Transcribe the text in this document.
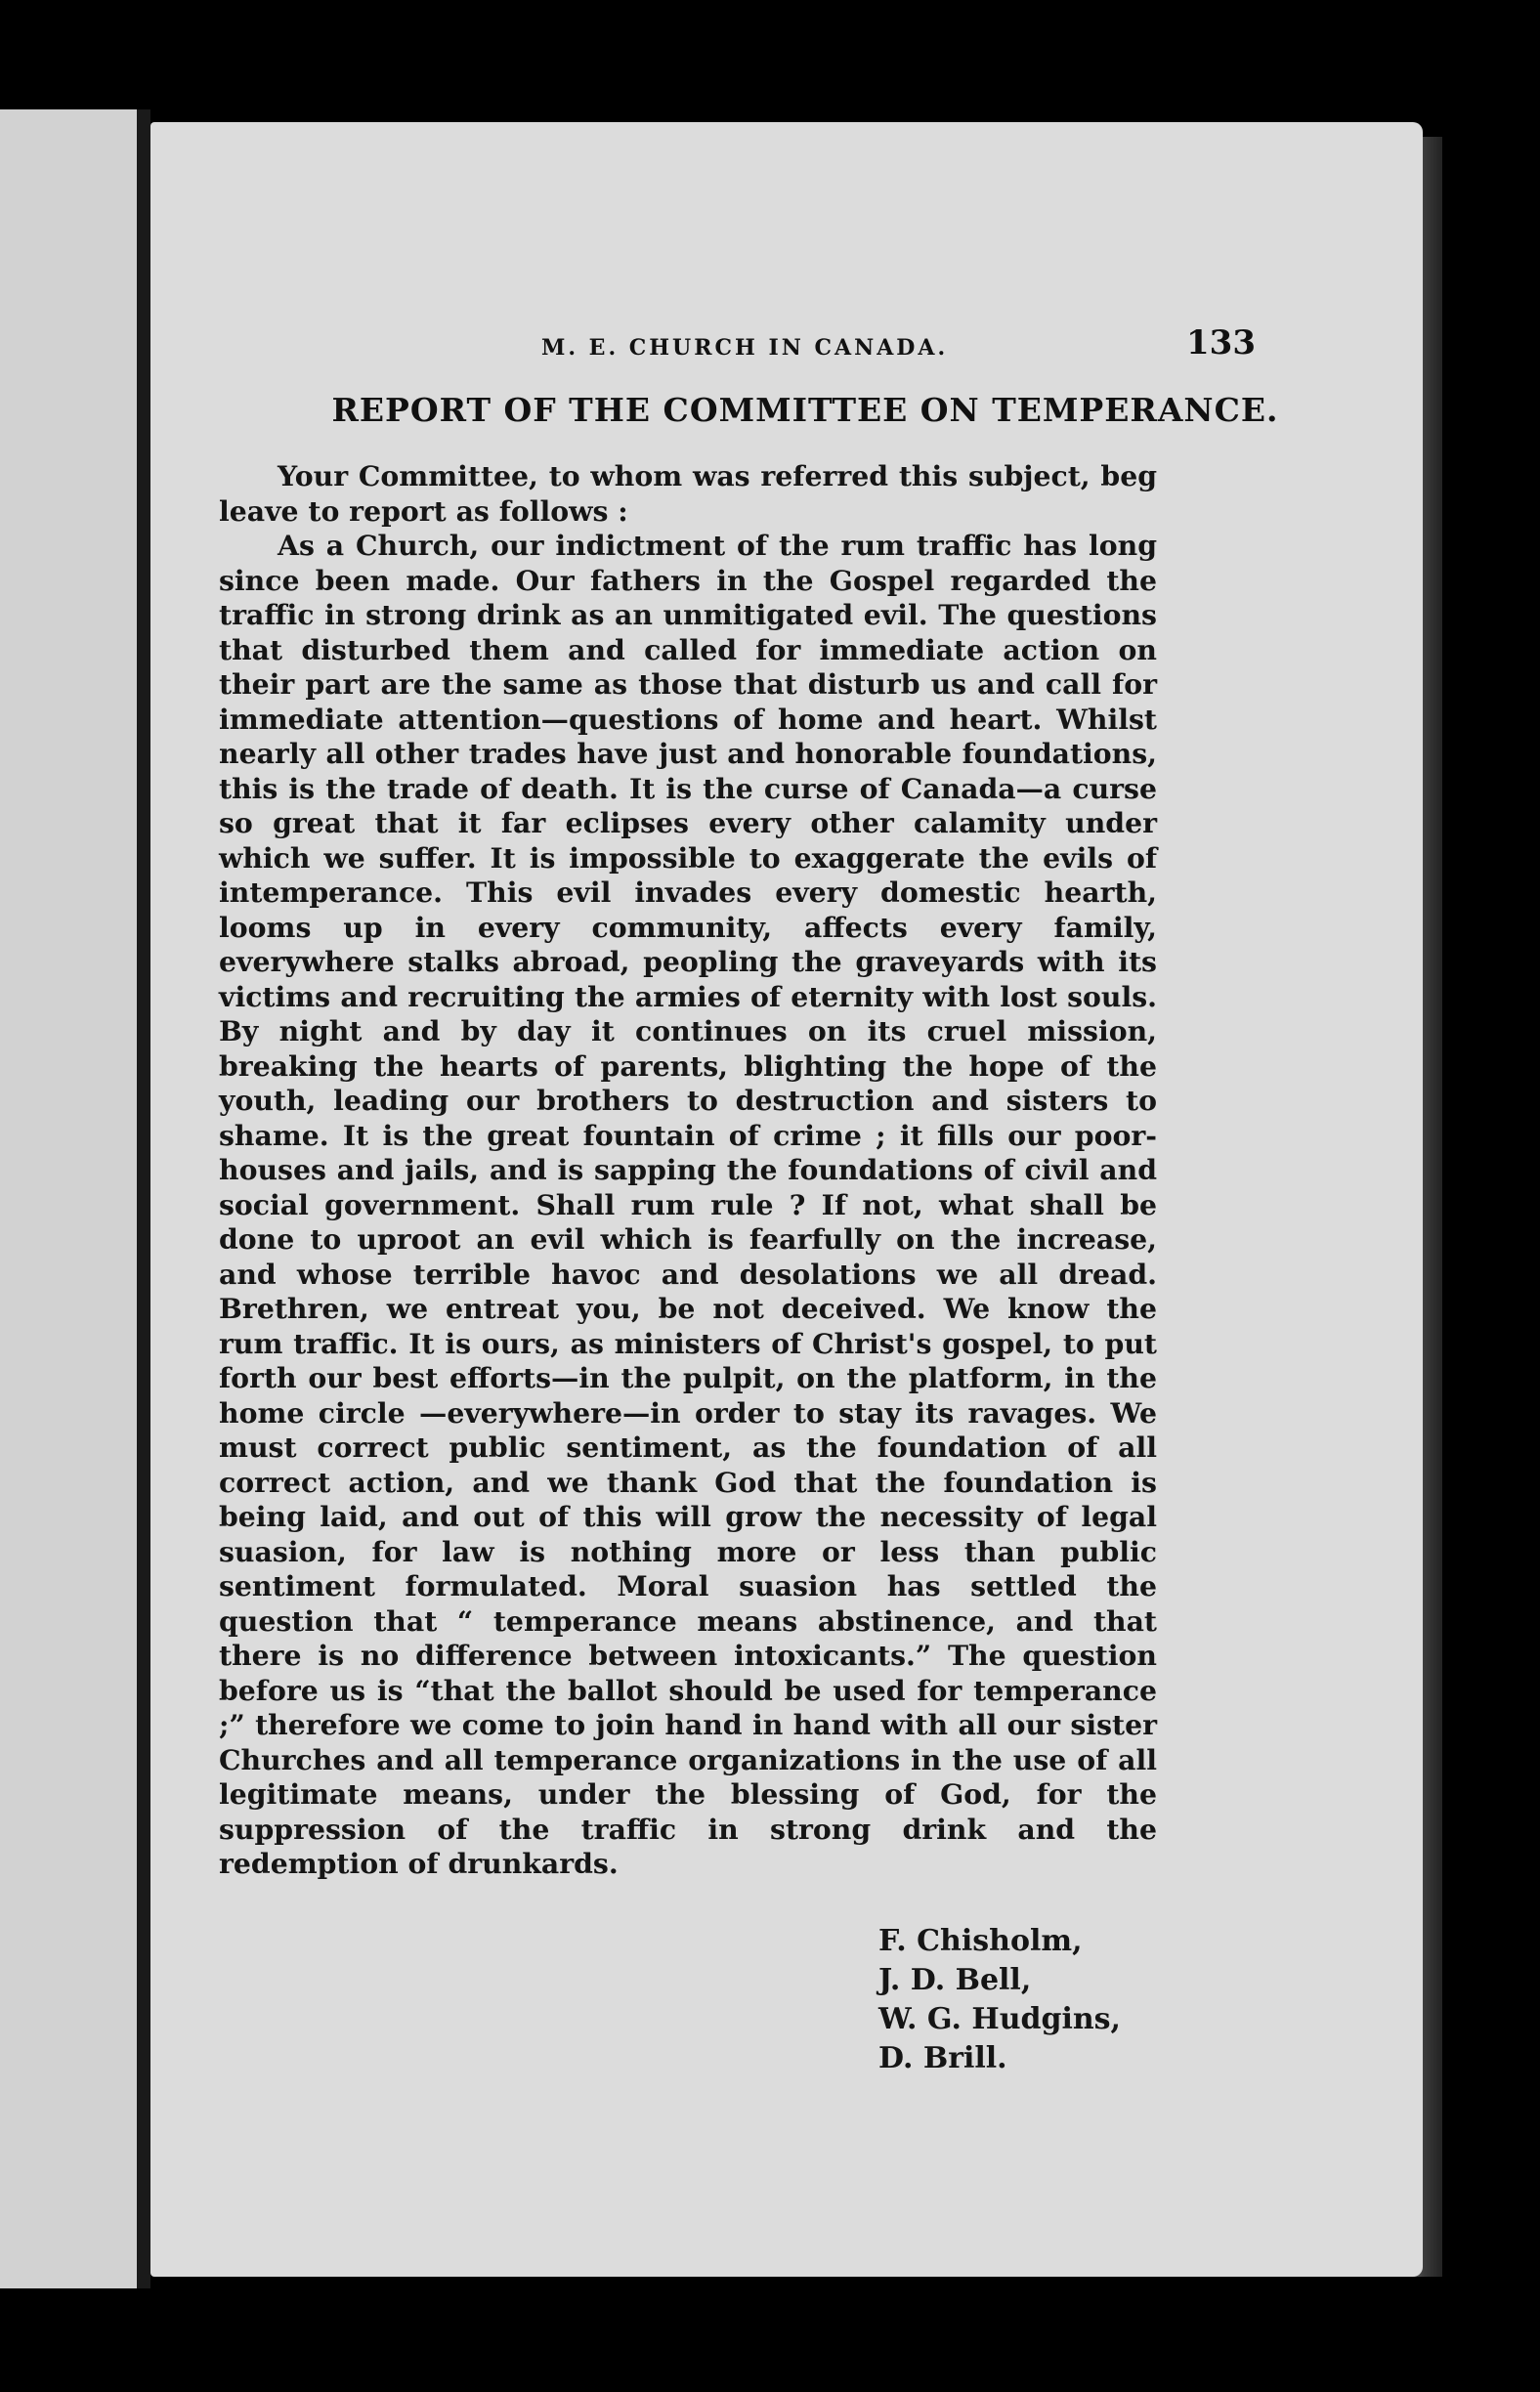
M. E. CHURCH IN CANADA.	133
REPORT OF THE COMMITTEE ON TEMPERANCE.

Your Committee, to whom was referred this subject, beg leave to report as follows :

As a Church, our indictment of the rum traffic has long since been made. Our fathers in the Gospel regarded the traffic in strong drink as an unmitigated evil. The questions that disturbed them and called for immediate action on their part are the same as those that disturb us and call for immediate attention—questions of home and heart. Whilst nearly all other trades have just and honorable foundations, this is the trade of death. It is the curse of Canada—a curse so great that it far eclipses every other calamity under which we suffer. It is impossible to exaggerate the evils of intemperance. This evil invades every domestic hearth, looms up in every community, affects every family, everywhere stalks abroad, peopling the graveyards with its victims and recruiting the armies of eternity with lost souls. By night and by day it continues on its cruel mission, breaking the hearts of parents, blighting the hope of the youth, leading our brothers to destruction and sisters to shame. It is the great fountain of crime ; it fills our poor-houses and jails, and is sapping the foundations of civil and social government. Shall rum rule ? If not, what shall be done to uproot an evil which is fearfully on the increase, and whose terrible havoc and desolations we all dread. Brethren, we entreat you, be not deceived. We know the rum traffic. It is ours, as ministers of Christ's gospel, to put forth our best efforts—in the pulpit, on the platform, in the home circle —everywhere—in order to stay its ravages. We must correct public sentiment, as the foundation of all correct action, and we thank God that the foundation is being laid, and out of this will grow the necessity of legal suasion, for law is nothing more or less than public sentiment formulated. Moral suasion has settled the question that “ temperance means abstinence, and that there is no difference between intoxicants.” The question before us is “that the ballot should be used for temperance ;” therefore we come to join hand in hand with all our sister Churches and all temperance organizations in the use of all legitimate means, under the blessing of God, for the suppression of the traffic in strong drink and the redemption of drunkards.

F. Chisholm,
J. D. Bell,
W. G. Hudgins,
D. Brill.
